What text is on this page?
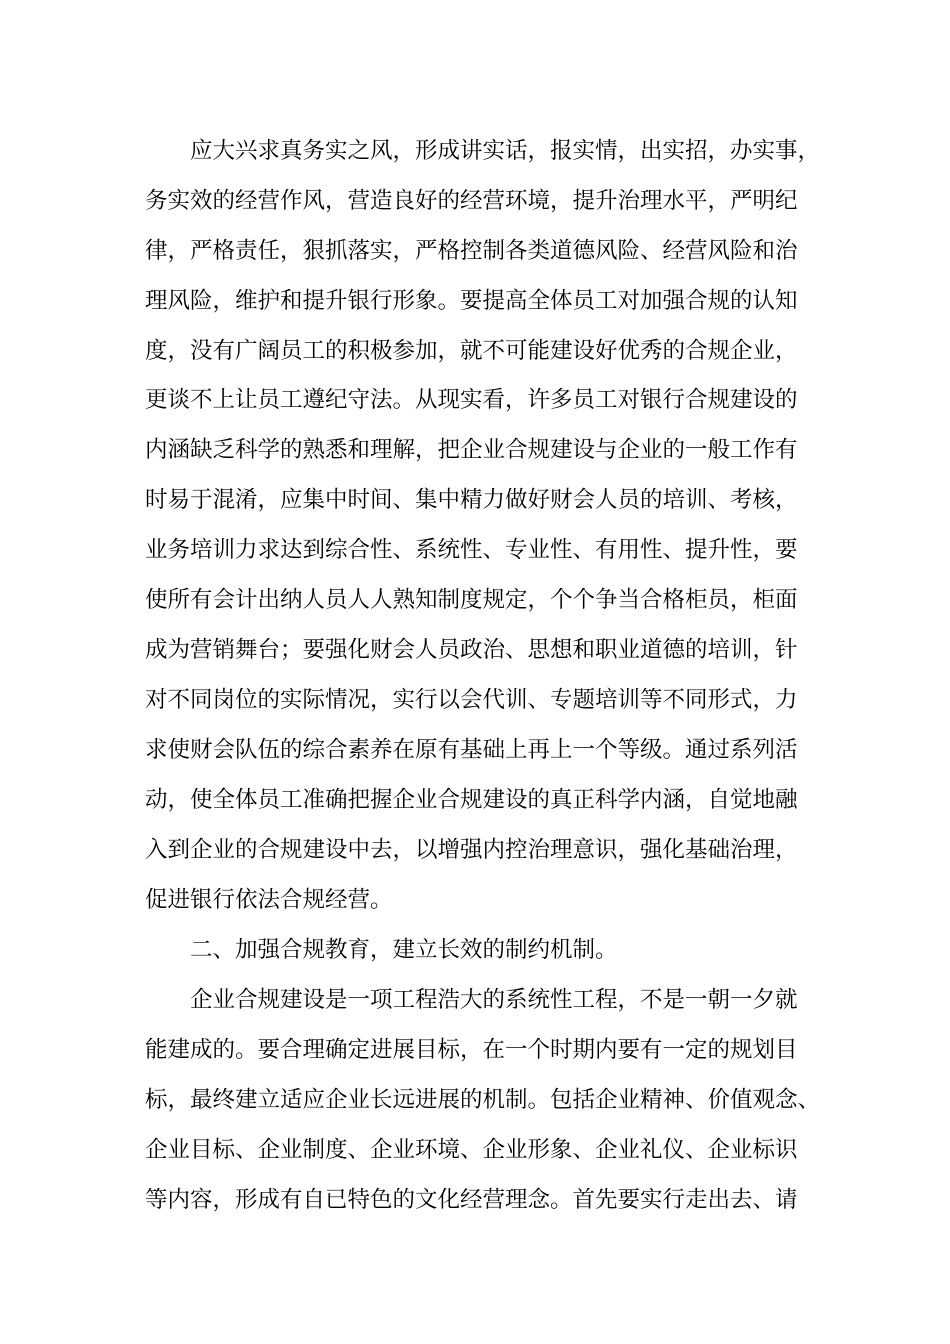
应大兴求真务实之风，形成讲实话，报实情，出实招，办实事，
务实效的经营作风，营造良好的经营环境，提升治理水平，严明纪
律，严格责任，狠抓落实，严格控制各类道德风险、经营风险和治
理风险，维护和提升银行形象。要提高全体员工对加强合规的认知
度，没有广阔员工的积极参加，就不可能建设好优秀的合规企业，
更谈不上让员工遵纪守法。从现实看，许多员工对银行合规建设的
内涵缺乏科学的熟悉和理解，把企业合规建设与企业的一般工作有
时易于混淆，应集中时间、集中精力做好财会人员的培训、考核，
业务培训力求达到综合性、系统性、专业性、有用性、提升性，要
使所有会计出纳人员人人熟知制度规定，个个争当合格柜员，柜面
成为营销舞台；要强化财会人员政治、思想和职业道德的培训，针
对不同岗位的实际情况，实行以会代训、专题培训等不同形式，力
求使财会队伍的综合素养在原有基础上再上一个等级。通过系列活
动，使全体员工准确把握企业合规建设的真正科学内涵，自觉地融
入到企业的合规建设中去，以增强内控治理意识，强化基础治理，
促进银行依法合规经营。
二、加强合规教育，建立长效的制约机制。
企业合规建设是一项工程浩大的系统性工程，不是一朝一夕就
能建成的。要合理确定进展目标，在一个时期内要有一定的规划目
标，最终建立适应企业长远进展的机制。包括企业精神、价值观念、
企业目标、企业制度、企业环境、企业形象、企业礼仪、企业标识
等内容，形成有自已特色的文化经营理念。首先要实行走出去、请
